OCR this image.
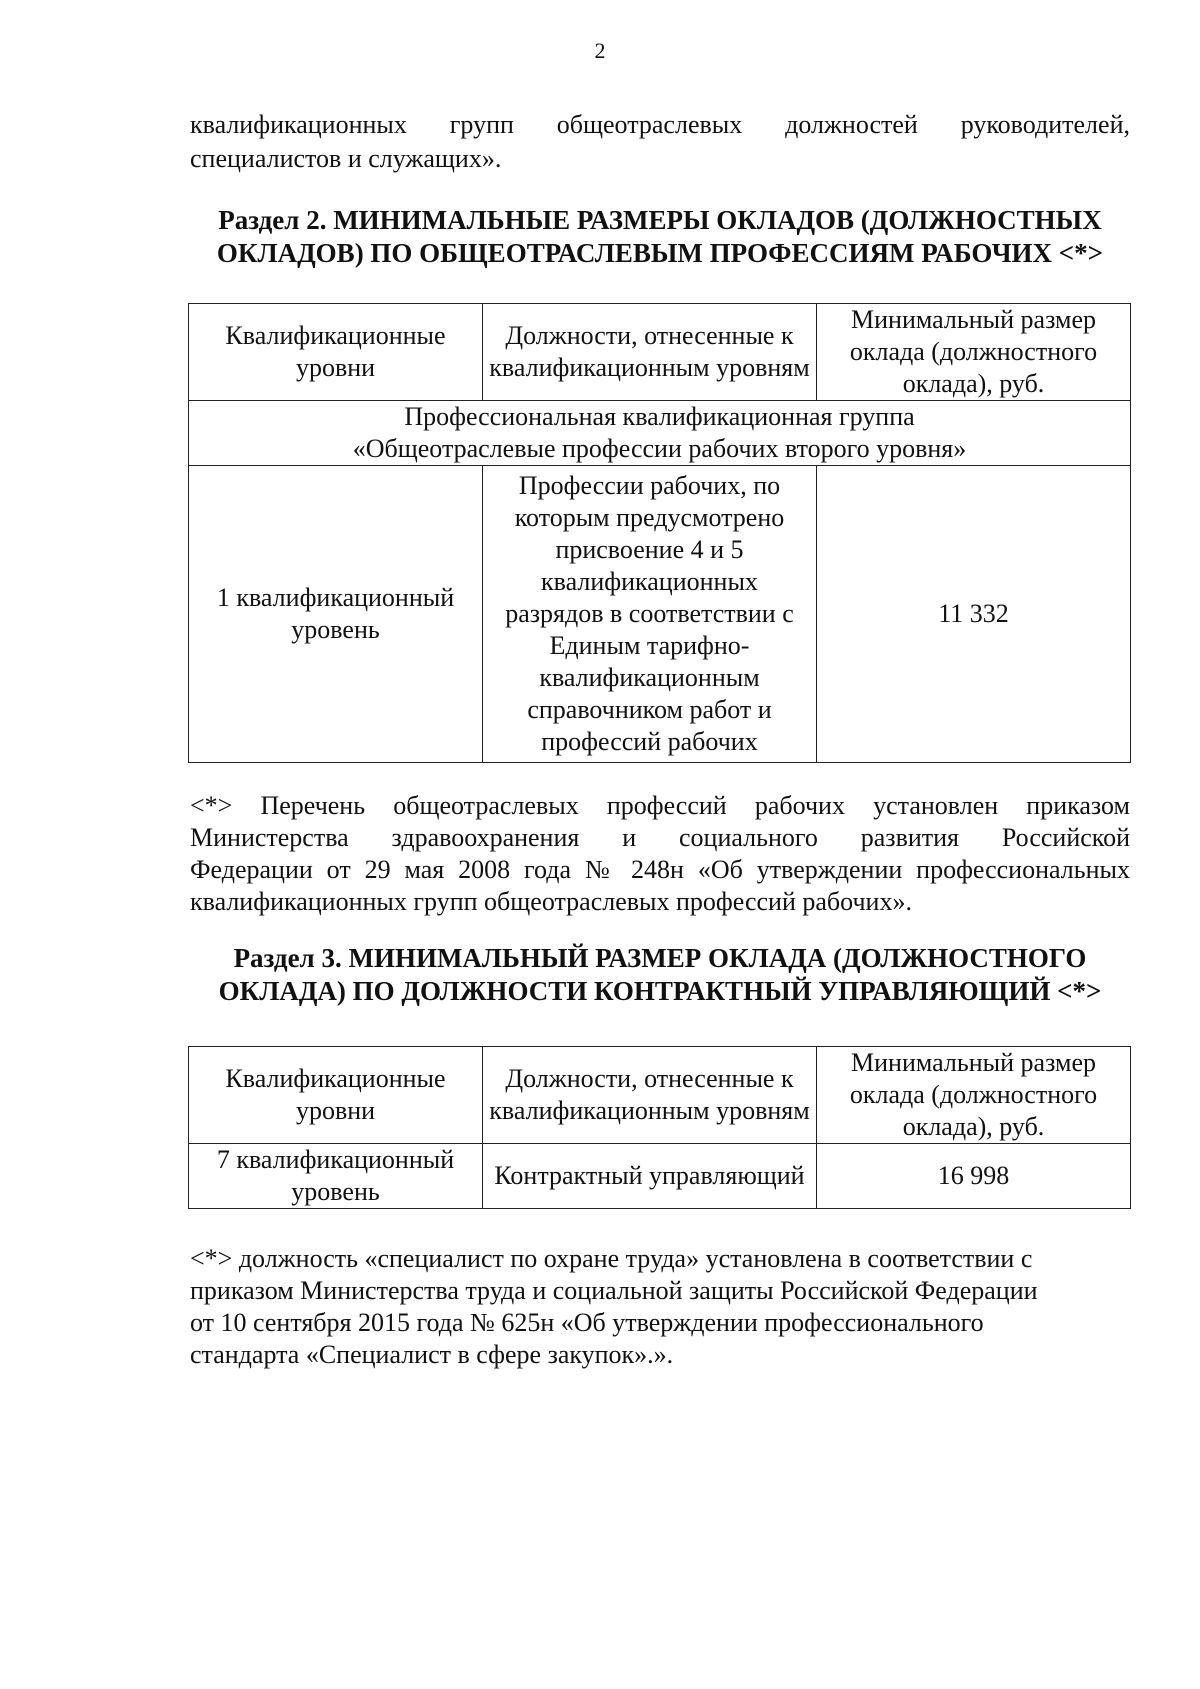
2
квалификационных групп общеотраслевых должностей руководителей,
специалистов и служащих».
Раздел 2. МИНИМАЛЬНЫЕ РАЗМЕРЫ ОКЛАДОВ (ДОЛЖНОСТНЫХ
ОКЛАДОВ) ПО ОБЩЕОТРАСЛЕВЫМ ПРОФЕССИЯМ РАБОЧИХ <*>
Квалификационные уровни	Должности, отнесенные к квалификационным уровням	Минимальный размер оклада (должностного оклада), руб.

Профессиональная квалификационная группа
«Общеотраслевые профессии рабочих второго уровня»		

1 квалификационный уровень	Профессии рабочих, по которым предусмотрено присвоение 4 и 5 квалификационных разрядов в соответствии с Единым тарифно-квалификационным справочником работ и профессий рабочих	11 332
<*> Перечень общеотраслевых профессий рабочих установлен приказом
Министерства здравоохранения и социального развития Российской
Федерации от 29 мая 2008 года № 248н «Об утверждении профессиональных
квалификационных групп общеотраслевых профессий рабочих».
Раздел 3. МИНИМАЛЬНЫЙ РАЗМЕР ОКЛАДА (ДОЛЖНОСТНОГО
ОКЛАДА) ПО ДОЛЖНОСТИ КОНТРАКТНЫЙ УПРАВЛЯЮЩИЙ <*>
Квалификационные уровни	Должности, отнесенные к квалификационным уровням	Минимальный размер оклада (должностного оклада), руб.
7 квалификационный уровень	Контрактный управляющий	16 998
<*> должность «специалист по охране труда» установлена в соответствии с
приказом Министерства труда и социальной защиты Российской Федерации
от 10 сентября 2015 года № 625н «Об утверждении профессионального
стандарта «Специалист в сфере закупок».».
